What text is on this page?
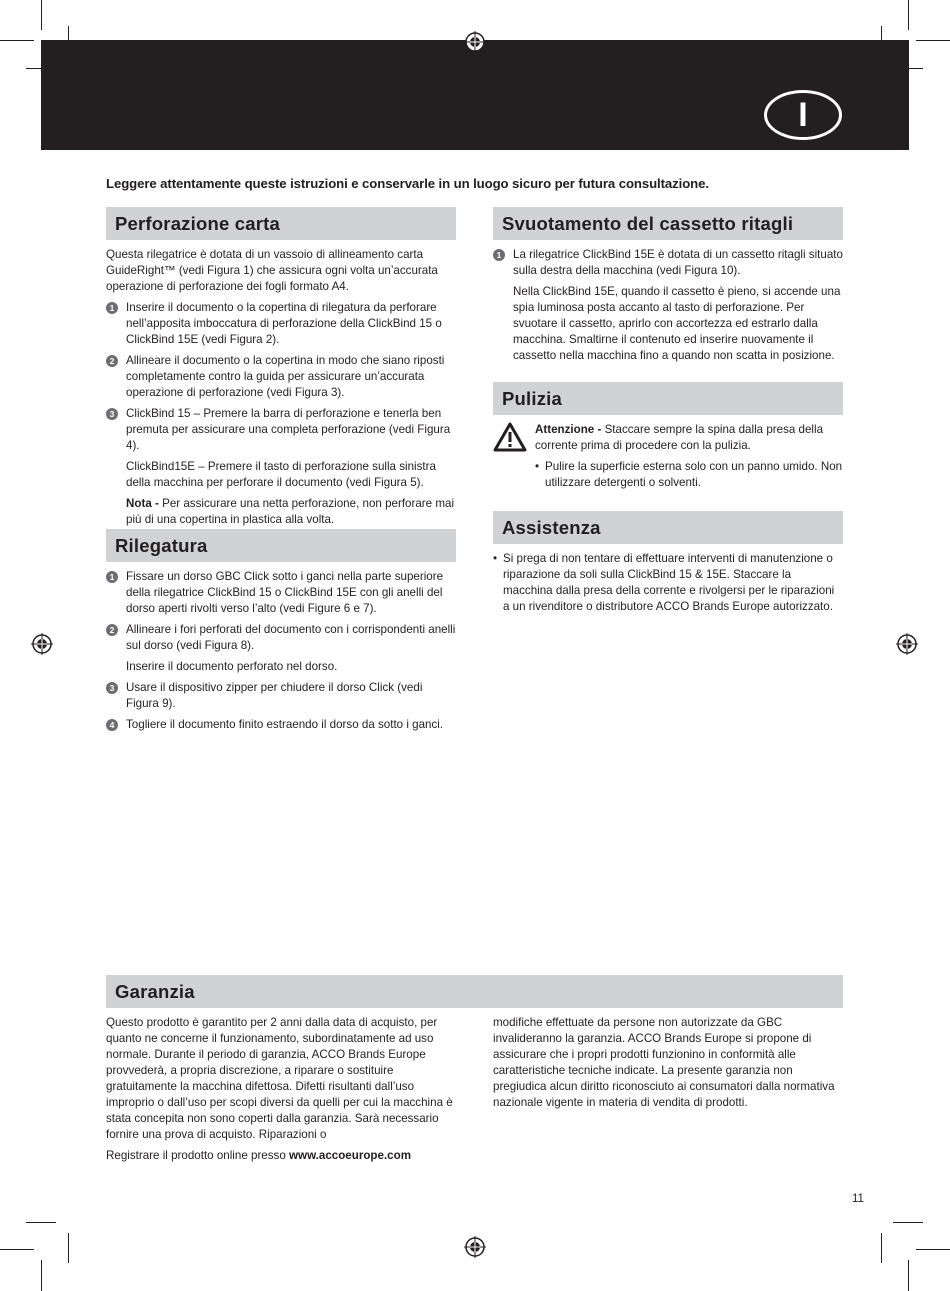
I
Leggere attentamente queste istruzioni e conservarle in un luogo sicuro per futura consultazione.
Perforazione carta

Questa rilegatrice è dotata di un vassoio di allineamento carta GuideRight™ (vedi Figura 1) che assicura ogni volta un’accurata operazione di perforazione dei fogli formato A4.

1	Inserire il documento o la copertina di rilegatura da perforare nell’apposita imboccatura di perforazione della ClickBind 15 o ClickBind 15E (vedi Figura 2).
2	Allineare il documento o la copertina in modo che siano riposti completamente contro la guida per assicurare un’accurata operazione di perforazione (vedi Figura 3).
3	ClickBind 15 – Premere la barra di perforazione e tenerla ben premuta per assicurare una completa perforazione (vedi Figura 4).
ClickBind15E – Premere il tasto di perforazione sulla sinistra della macchina per perforare il documento (vedi Figura 5).
Nota - Per assicurare una netta perforazione, non perforare mai più di una copertina in plastica alla volta.
Rilegatura
1	Fissare un dorso GBC Click sotto i ganci nella parte superiore della rilegatrice ClickBind 15 o ClickBind 15E con gli anelli del dorso aperti rivolti verso l’alto (vedi Figure 6 e 7).
2	Allineare i fori perforati del documento con i corrispondenti anelli sul dorso (vedi Figura 8).
Inserire il documento perforato nel dorso.
3	Usare il dispositivo zipper per chiudere il dorso Click (vedi Figura 9).
4	Togliere il documento finito estraendo il dorso da sotto i ganci.
Svuotamento del cassetto ritagli
1	La rilegatrice ClickBind 15E è dotata di un cassetto ritagli situato sulla destra della macchina (vedi Figura 10).
Nella ClickBind 15E, quando il cassetto è pieno, si accende una spia luminosa posta accanto al tasto di perforazione. Per svuotare il cassetto, aprirlo con accortezza ed estrarlo dalla macchina. Smaltirne il contenuto ed inserire nuovamente il cassetto nella macchina fino a quando non scatta in posizione.
Pulizia
Attenzione - Staccare sempre la spina dalla presa della corrente prima di procedere con la pulizia.
• Pulire la superficie esterna solo con un panno umido. Non utilizzare detergenti o solventi.
Assistenza
• Si prega di non tentare di effettuare interventi di manutenzione o riparazione da soli sulla ClickBind 15 & 15E. Staccare la macchina dalla presa della corrente e rivolgersi per le riparazioni a un rivenditore o distributore ACCO Brands Europe autorizzato.
Garanzia

Questo prodotto è garantito per 2 anni dalla data di acquisto, per quanto ne concerne il funzionamento, subordinatamente ad uso normale. Durante il periodo di garanzia, ACCO Brands Europe provvederà, a propria discrezione, a riparare o sostituire gratuitamente la macchina difettosa. Difetti risultanti dall’uso improprio o dall’uso per scopi diversi da quelli per cui la macchina è stata concepita non sono coperti dalla garanzia. Sarà necessario fornire una prova di acquisto. Riparazioni o

Registrare il prodotto online presso www.accoeurope.com

modifiche effettuate da persone non autorizzate da GBC invalideranno la garanzia. ACCO Brands Europe si propone di assicurare che i propri prodotti funzionino in conformità alle caratteristiche tecniche indicate. La presente garanzia non pregiudica alcun diritto riconosciuto ai consumatori dalla normativa nazionale vigente in materia di vendita di prodotti.

11
